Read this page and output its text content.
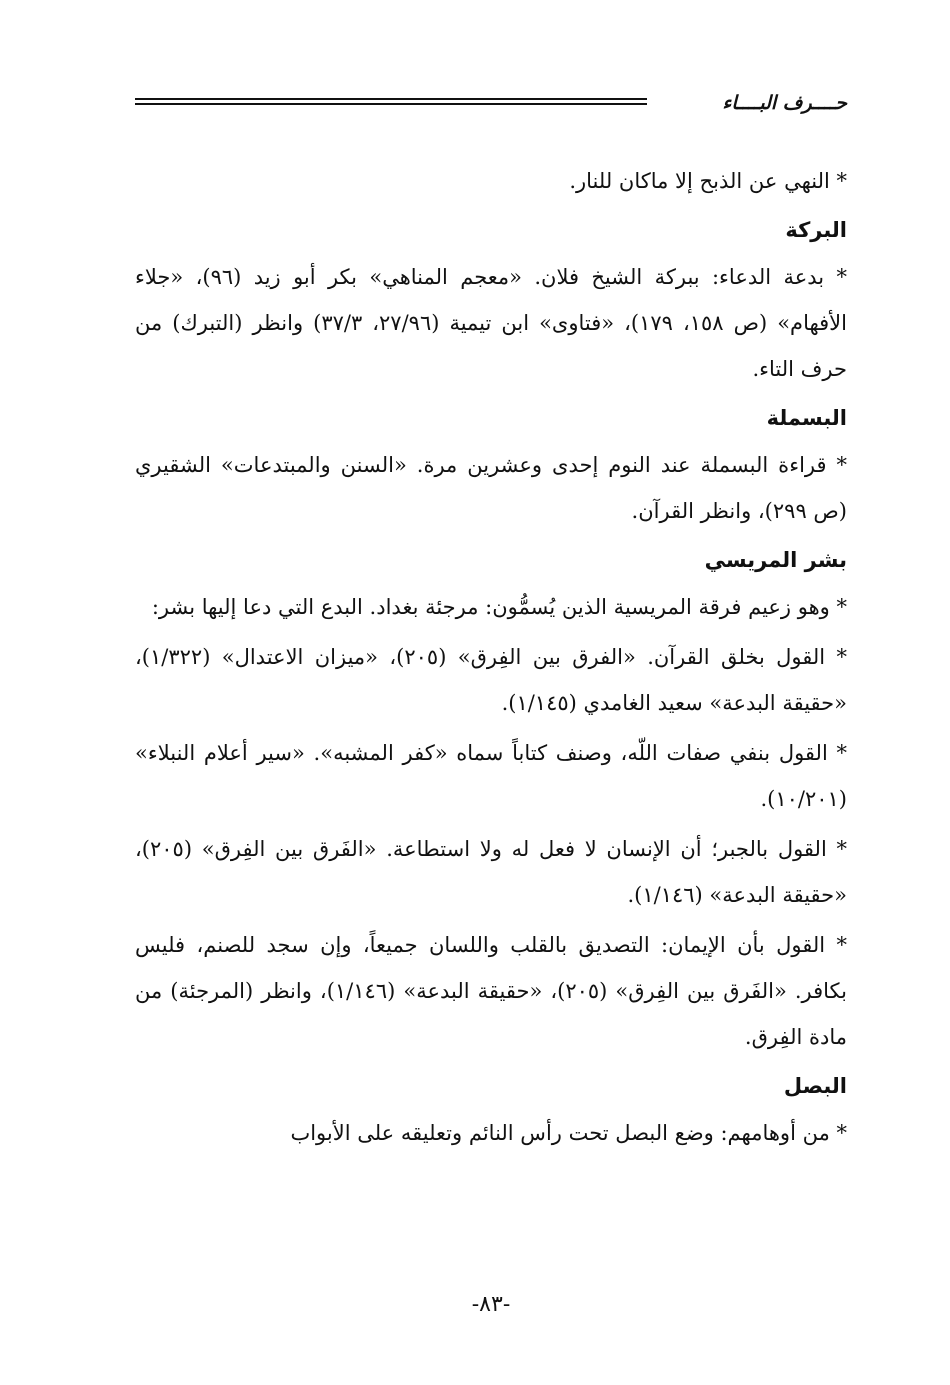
حــــرف البــــاء

* النهي عن الذبح إلا ماكان للنار.

البركة

* بدعة الدعاء: ببركة الشيخ فلان. «معجم المناهي» بكر أبو زيد (٩٦)، «جلاء الأفهام» (ص ١٥٨، ١٧٩)، «فتاوى» ابن تيمية (٢٧/٩٦، ٣٧/٣) وانظر (التبرك) من حرف التاء.

البسملة

* قراءة البسملة عند النوم إحدى وعشرين مرة. «السنن والمبتدعات» الشقيري (ص ٢٩٩)، وانظر القرآن.

بشر المريسي

* وهو زعيم فرقة المريسية الذين يُسمُّون: مرجئة بغداد. البدع التي دعا إليها بشر:

* القول بخلق القرآن. «الفرق بين الفِرق» (٢٠٥)، «ميزان الاعتدال» (١/٣٢٢)، «حقيقة البدعة» سعيد الغامدي (١/١٤٥).

* القول بنفي صفات اللّه، وصنف كتاباً سماه «كفر المشبه». «سير أعلام النبلاء» (١٠/٢٠١).

* القول بالجبر؛ أن الإنسان لا فعل له ولا استطاعة. «الفَرق بين الفِرق» (٢٠٥)، «حقيقة البدعة» (١/١٤٦).

* القول بأن الإيمان: التصديق بالقلب واللسان جميعاً، وإن سجد للصنم، فليس بكافر. «الفَرق بين الفِرق» (٢٠٥)، «حقيقة البدعة» (١/١٤٦)، وانظر (المرجئة) من مادة الفِرق.

البصل

* من أوهامهم: وضع البصل تحت رأس النائم وتعليقه على الأبواب

-٨٣-
